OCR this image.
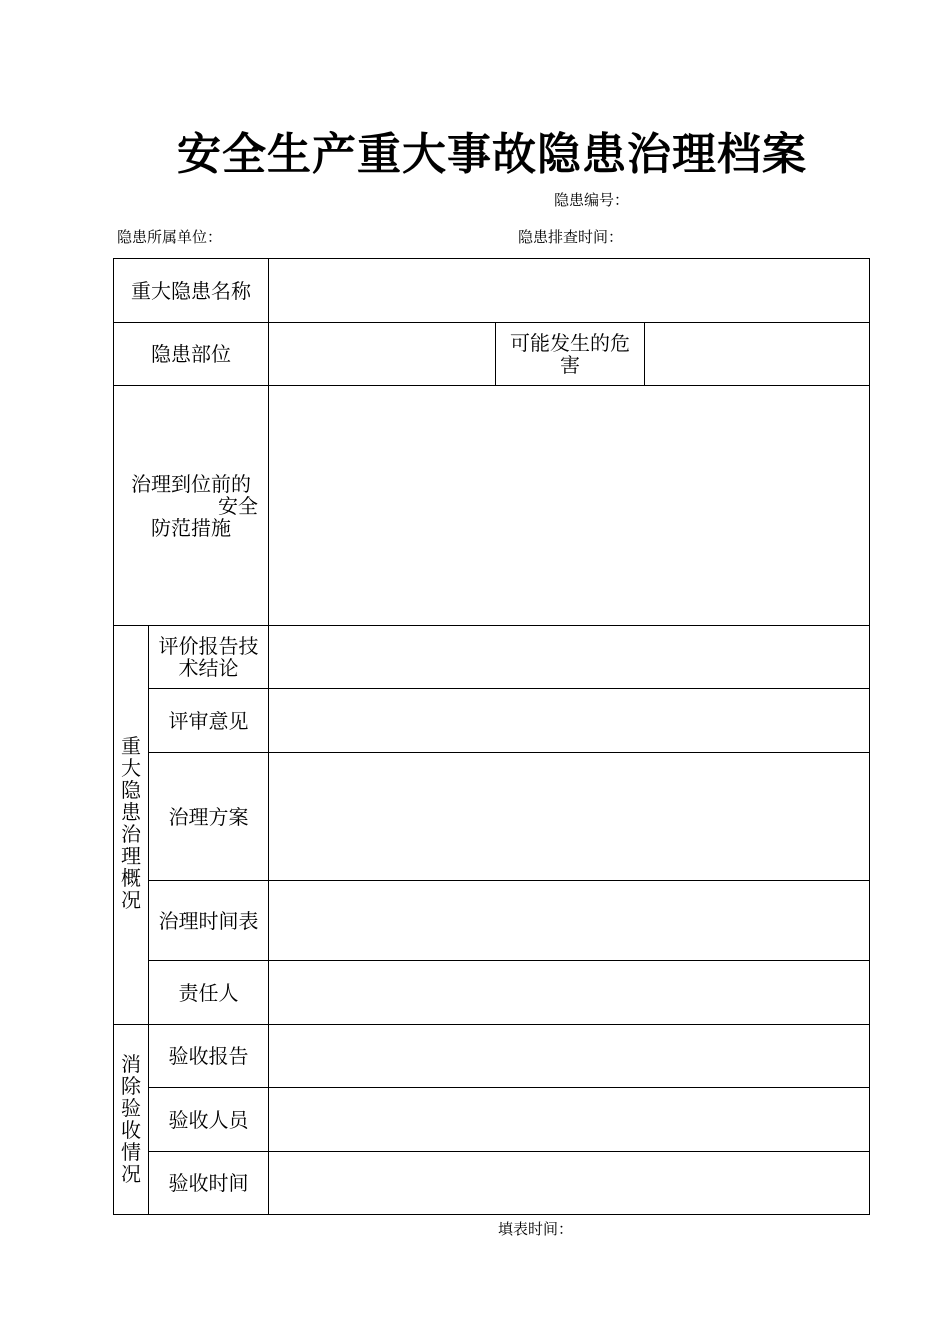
安全生产重大事故隐患治理档案
隐患编号：
隐患所属单位：	隐患排查时间：
重大隐患名称
隐患部位	可能发生的危害
治理到位前的
安全
防范措施
重大隐患治理概况
评价报告技术结论
评审意见
治理方案
治理时间表
责任人
消除验收情况
验收报告
验收人员
验收时间
填表时间：
